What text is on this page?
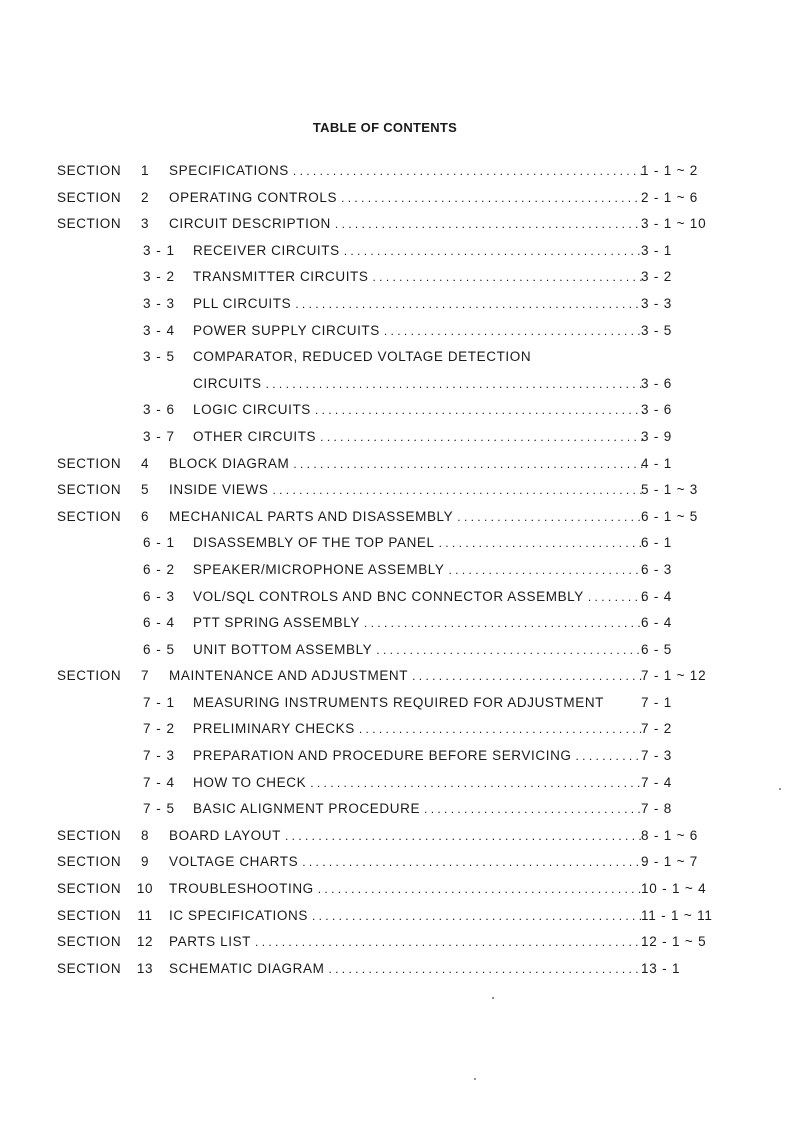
TABLE OF CONTENTS
SECTION	1	SPECIFICATIONS . . .	1 - 1 ~ 2
SECTION	2	OPERATING CONTROLS . . .	2 - 1 ~ 6
SECTION	3	CIRCUIT DESCRIPTION . . .	3 - 1 ~ 10
3 - 1 RECEIVER CIRCUITS . . .	3 - 1
3 - 2 TRANSMITTER CIRCUITS . . .	3 - 2
3 - 3 PLL CIRCUITS . . .	3 - 3
3 - 4 POWER SUPPLY CIRCUITS . . .	3 - 5
3 - 5 COMPARATOR, REDUCED VOLTAGE DETECTION
CIRCUITS . . .	3 - 6
3 - 6 LOGIC CIRCUITS . . .	3 - 6
3 - 7 OTHER CIRCUITS . . .	3 - 9
SECTION	4	BLOCK DIAGRAM . . .	4 - 1
SECTION	5	INSIDE VIEWS . . .	5 - 1 ~ 3
SECTION	6	MECHANICAL PARTS AND DISASSEMBLY . . .	6 - 1 ~ 5
6 - 1 DISASSEMBLY OF THE TOP PANEL . . .	6 - 1
6 - 2 SPEAKER/MICROPHONE ASSEMBLY . . .	6 - 3
6 - 3 VOL/SQL CONTROLS AND BNC CONNECTOR ASSEMBLY . . .	6 - 4
6 - 4 PTT SPRING ASSEMBLY . . .	6 - 4
6 - 5 UNIT BOTTOM ASSEMBLY . . .	6 - 5
SECTION	7	MAINTENANCE AND ADJUSTMENT . . .	7 - 1 ~ 12
7 - 1 MEASURING INSTRUMENTS REQUIRED FOR ADJUSTMENT	7 - 1
7 - 2 PRELIMINARY CHECKS . . .	7 - 2
7 - 3 PREPARATION AND PROCEDURE BEFORE SERVICING . . .	7 - 3
7 - 4 HOW TO CHECK . . .	7 - 4
7 - 5 BASIC ALIGNMENT PROCEDURE . . .	7 - 8
SECTION	8	BOARD LAYOUT . . .	8 - 1 ~ 6
SECTION	9	VOLTAGE CHARTS . . .	9 - 1 ~ 7
SECTION 10 TROUBLESHOOTING . . .	10 - 1 ~ 4
SECTION 11 IC SPECIFICATIONS . . .	11 - 1 ~ 11
SECTION 12 PARTS LIST . . .	12 - 1 ~ 5
SECTION 13 SCHEMATIC DIAGRAM . . .	13 - 1
